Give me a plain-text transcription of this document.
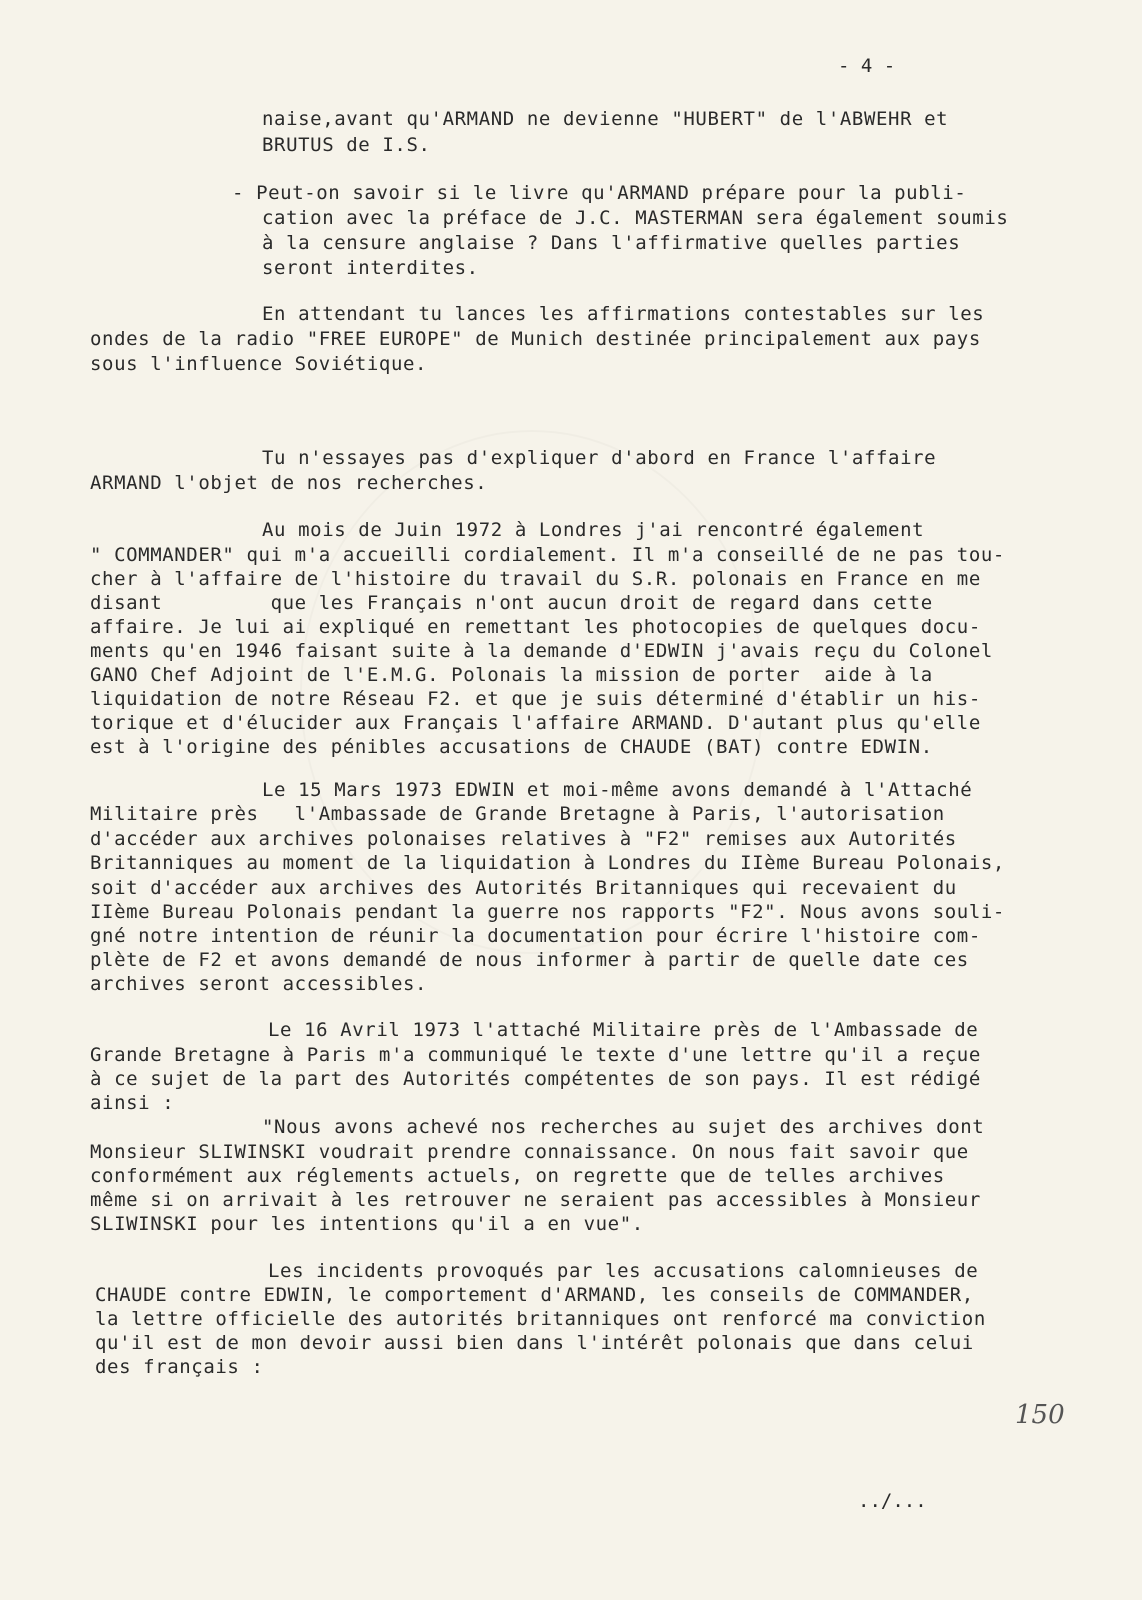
- 4 -
naise,avant qu'ARMAND ne devienne "HUBERT" de l'ABWEHR et
BRUTUS de I.S.
- Peut-on savoir si le livre qu'ARMAND prépare pour la publi-
cation avec la préface de J.C. MASTERMAN sera également soumis
à la censure anglaise ? Dans l'affirmative quelles parties
seront interdites.
En attendant tu lances les affirmations contestables sur les
ondes de la radio "FREE EUROPE" de Munich destinée principalement aux pays
sous l'influence Soviétique.
Tu n'essayes pas d'expliquer d'abord en France l'affaire
ARMAND l'objet de nos recherches.
Au mois de Juin 1972 à Londres j'ai rencontré également
" COMMANDER" qui m'a accueilli cordialement. Il m'a conseillé de ne pas tou-
cher à l'affaire de l'histoire du travail du S.R. polonais en France en me
disant         que les Français n'ont aucun droit de regard dans cette
affaire. Je lui ai expliqué en remettant les photocopies de quelques docu-
ments qu'en 1946 faisant suite à la demande d'EDWIN j'avais reçu du Colonel
GANO Chef Adjoint de l'E.M.G. Polonais la mission de porter  aide à la
liquidation de notre Réseau F2. et que je suis déterminé d'établir un his-
torique et d'élucider aux Français l'affaire ARMAND. D'autant plus qu'elle
est à l'origine des pénibles accusations de CHAUDE (BAT) contre EDWIN.
Le 15 Mars 1973 EDWIN et moi-même avons demandé à l'Attaché
Militaire près   l'Ambassade de Grande Bretagne à Paris, l'autorisation
d'accéder aux archives polonaises relatives à "F2" remises aux Autorités
Britanniques au moment de la liquidation à Londres du IIème Bureau Polonais,
soit d'accéder aux archives des Autorités Britanniques qui recevaient du
IIème Bureau Polonais pendant la guerre nos rapports "F2". Nous avons souli-
gné notre intention de réunir la documentation pour écrire l'histoire com-
plète de F2 et avons demandé de nous informer à partir de quelle date ces
archives seront accessibles.
Le 16 Avril 1973 l'attaché Militaire près de l'Ambassade de
Grande Bretagne à Paris m'a communiqué le texte d'une lettre qu'il a reçue
à ce sujet de la part des Autorités compétentes de son pays. Il est rédigé
ainsi :
"Nous avons achevé nos recherches au sujet des archives dont
Monsieur SLIWINSKI voudrait prendre connaissance. On nous fait savoir que
conformément aux réglements actuels, on regrette que de telles archives
même si on arrivait à les retrouver ne seraient pas accessibles à Monsieur
SLIWINSKI pour les intentions qu'il a en vue".
Les incidents provoqués par les accusations calomnieuses de
CHAUDE contre EDWIN, le comportement d'ARMAND, les conseils de COMMANDER,
la lettre officielle des autorités britanniques ont renforcé ma conviction
qu'il est de mon devoir aussi bien dans l'intérêt polonais que dans celui
des français :
150
../...
